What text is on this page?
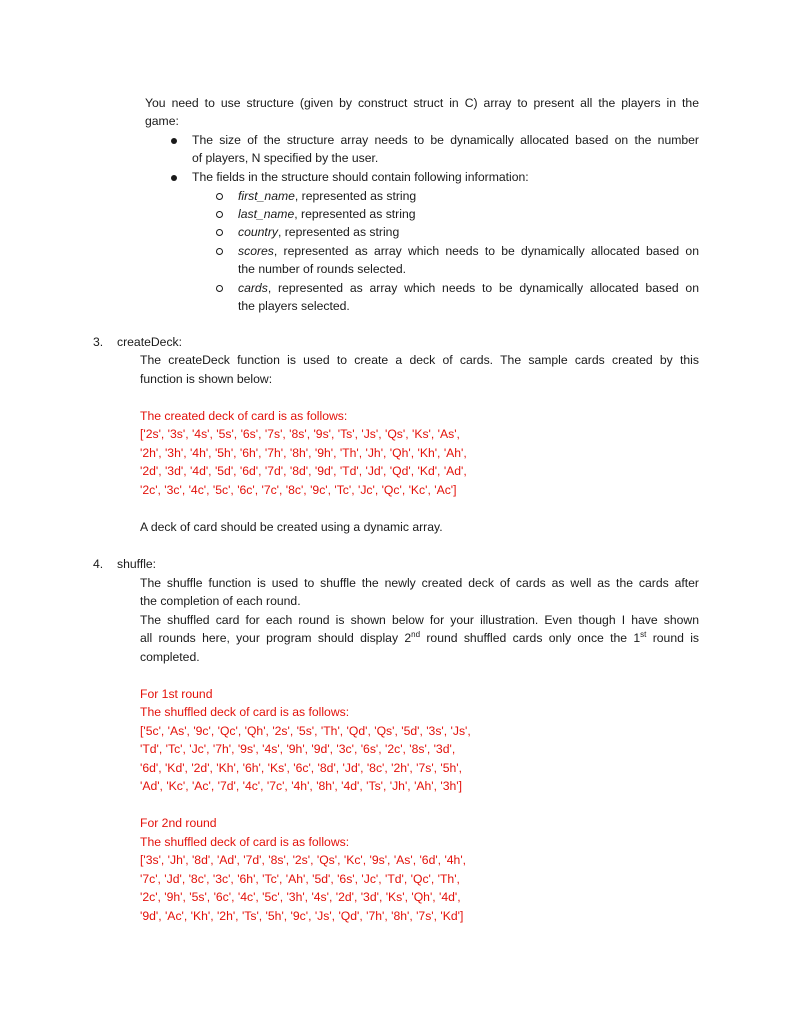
You need to use structure (given by construct struct in C) array to present all the players in the
game:
The size of the structure array needs to be dynamically allocated based on the number
of players, N specified by the user.
The fields in the structure should contain following information:
first_name, represented as string
last_name, represented as string
country, represented as string
scores, represented as array which needs to be dynamically allocated based on
the number of rounds selected.
cards, represented as array which needs to be dynamically allocated based on
the players selected.
3. createDeck:
The createDeck function is used to create a deck of cards. The sample cards created by this
function is shown below:
The created deck of card is as follows:
['2s', '3s', '4s', '5s', '6s', '7s', '8s', '9s', 'Ts', 'Js', 'Qs', 'Ks', 'As',
'2h', '3h', '4h', '5h', '6h', '7h', '8h', '9h', 'Th', 'Jh', 'Qh', 'Kh', 'Ah',
'2d', '3d', '4d', '5d', '6d', '7d', '8d', '9d', 'Td', 'Jd', 'Qd', 'Kd', 'Ad',
'2c', '3c', '4c', '5c', '6c', '7c', '8c', '9c', 'Tc', 'Jc', 'Qc', 'Kc', 'Ac']
A deck of card should be created using a dynamic array.
4. shuffle:
The shuffle function is used to shuffle the newly created deck of cards as well as the cards after
the completion of each round.
The shuffled card for each round is shown below for your illustration. Even though I have shown
all rounds here, your program should display 2nd round shuffled cards only once the 1st round is
completed.
For 1st round
The shuffled deck of card is as follows:
['5c', 'As', '9c', 'Qc', 'Qh', '2s', '5s', 'Th', 'Qd', 'Qs', '5d', '3s', 'Js',
'Td', 'Tc', 'Jc', '7h', '9s', '4s', '9h', '9d', '3c', '6s', '2c', '8s', '3d',
'6d', 'Kd', '2d', 'Kh', '6h', 'Ks', '6c', '8d', 'Jd', '8c', '2h', '7s', '5h',
'Ad', 'Kc', 'Ac', '7d', '4c', '7c', '4h', '8h', '4d', 'Ts', 'Jh', 'Ah', '3h']
For 2nd round
The shuffled deck of card is as follows:
['3s', 'Jh', '8d', 'Ad', '7d', '8s', '2s', 'Qs', 'Kc', '9s', 'As', '6d', '4h',
'7c', 'Jd', '8c', '3c', '6h', 'Tc', 'Ah', '5d', '6s', 'Jc', 'Td', 'Qc', 'Th',
'2c', '9h', '5s', '6c', '4c', '5c', '3h', '4s', '2d', '3d', 'Ks', 'Qh', '4d',
'9d', 'Ac', 'Kh', '2h', 'Ts', '5h', '9c', 'Js', 'Qd', '7h', '8h', '7s', 'Kd']
